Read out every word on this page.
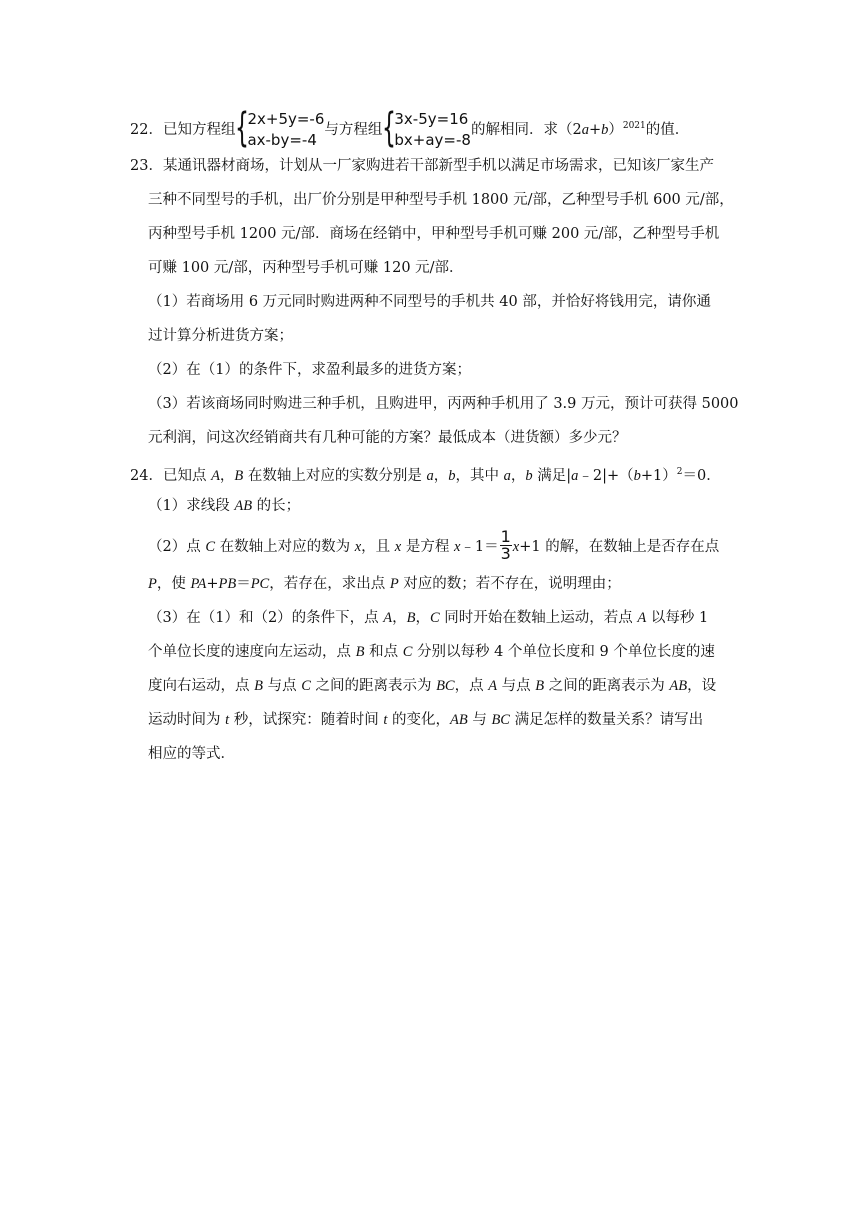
22．已知方程组 {
2x+5y=-6
ax-by=-4
与方程组 {
3x-5y=16
bx+ay=-8
的解相同．求$(2a+b)^{2021}$的值．
23．某通讯器材商场，计划从一厂家购进若干部新型手机以满足市场需求，已知该厂家生产
三种不同型号的手机，出厂价分别是甲种型号手机 1800 元/部，乙种型号手机 600 元/部，
丙种型号手机 1200 元/部．商场在经销中，甲种型号手机可赚 200 元/部，乙种型号手机
可赚 100 元/部，丙种型号手机可赚 120 元/部．
（1）若商场用 6 万元同时购进两种不同型号的手机共 40 部，并恰好将钱用完，请你通
过计算分析进货方案；
（2）在（1）的条件下，求盈利最多的进货方案；
（3）若该商场同时购进三种手机，且购进甲，丙两种手机用了 3.9 万元，预计可获得 5000
元利润，问这次经销商共有几种可能的方案？最低成本（进货额）多少元？
24．已知点 A，B 在数轴上对应的实数分别是 a，b，其中 a，b 满足$|a﹣2|+(b+1)^2=0$．
（1）求线段 AB 的长；
（2）点 C 在数轴上对应的数为 x，且 x 是方程 x﹣1＝ $\frac{1}{3} x+1$ 的解，在数轴上是否存在点
P，使 PA+PB＝PC，若存在，求出点 P 对应的数；若不存在，说明理由；
（3）在（1）和（2）的条件下，点 A，B，C 同时开始在数轴上运动，若点 A 以每秒 1
个单位长度的速度向左运动，点 B 和点 C 分别以每秒 4 个单位长度和 9 个单位长度的速
度向右运动，点 B 与点 C 之间的距离表示为 BC，点 A 与点 B 之间的距离表示为 AB，设
运动时间为 t 秒，试探究：随着时间 t 的变化，AB 与 BC 满足怎样的数量关系？请写出
相应的等式．
